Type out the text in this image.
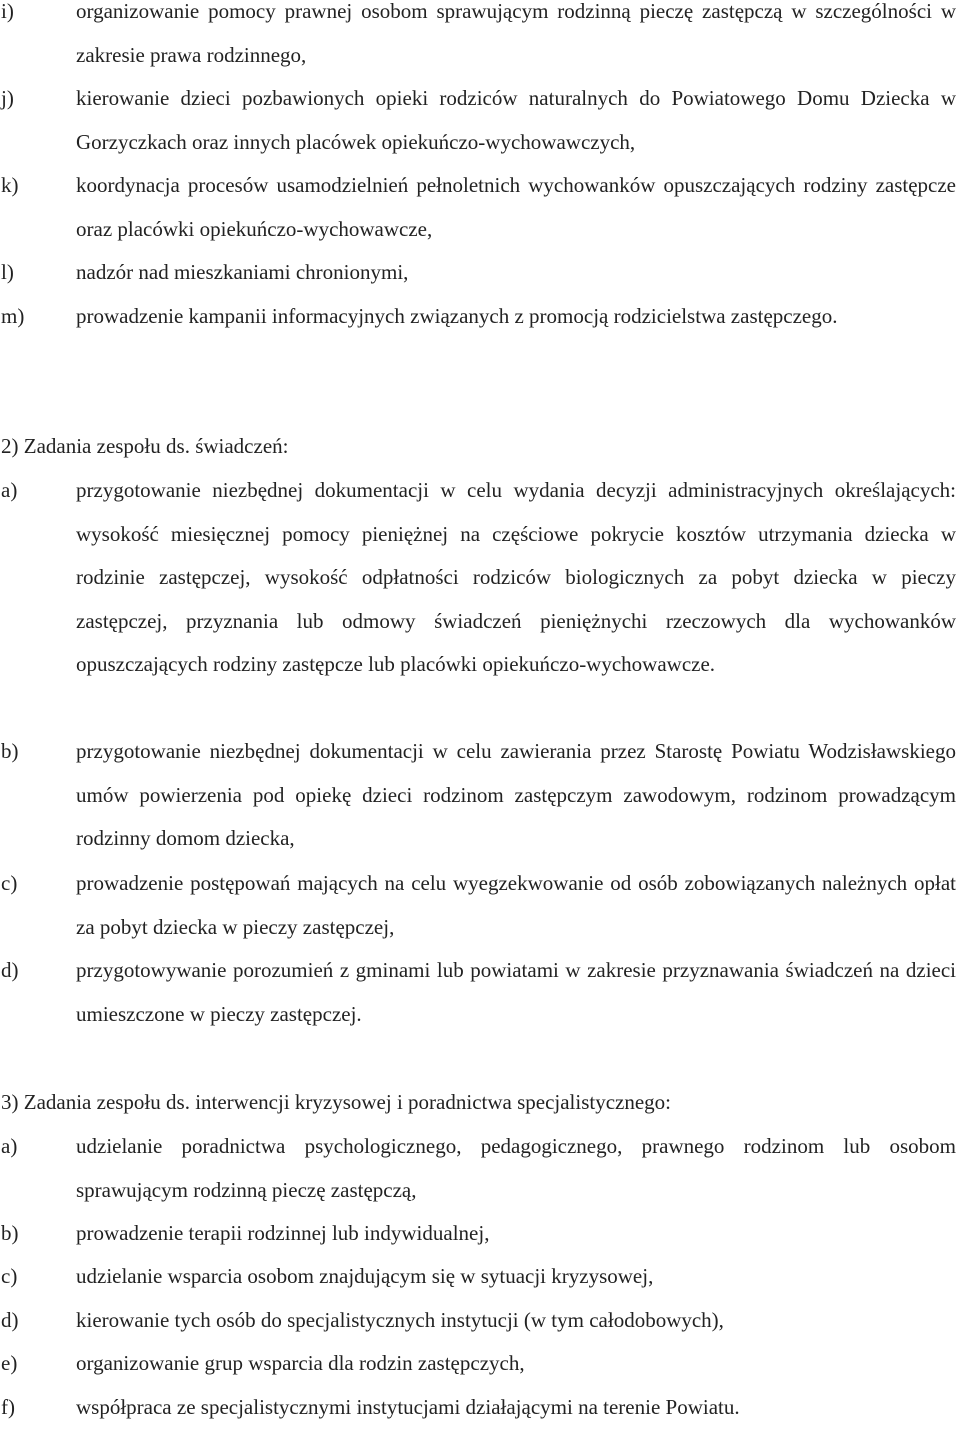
i)	organizowanie pomocy prawnej osobom sprawującym rodzinną pieczę zastępczą w szczególności w zakresie prawa rodzinnego,
j)	kierowanie dzieci pozbawionych opieki rodziców naturalnych do Powiatowego Domu Dziecka w Gorzyczkach oraz innych placówek opiekuńczo-wychowawczych,
k)	koordynacja procesów usamodzielnień pełnoletnich wychowanków opuszczających rodziny zastępcze oraz placówki opiekuńczo-wychowawcze,
l)	nadzór nad mieszkaniami chronionymi,
m)	prowadzenie kampanii informacyjnych związanych z promocją rodzicielstwa zastępczego.
2) Zadania zespołu ds. świadczeń:
a)	przygotowanie niezbędnej dokumentacji w celu wydania decyzji administracyjnych określających: wysokość miesięcznej pomocy pieniężnej na częściowe pokrycie kosztów utrzymania dziecka w rodzinie zastępczej, wysokość odpłatności rodziców biologicznych za pobyt dziecka w pieczy zastępczej, przyznania lub odmowy świadczeń pieniężnychi rzeczowych dla wychowanków opuszczających rodziny zastępcze lub placówki opiekuńczo-wychowawcze.
b)	przygotowanie niezbędnej dokumentacji w celu zawierania przez Starostę Powiatu Wodzisławskiego umów powierzenia pod opiekę dzieci rodzinom zastępczym zawodowym, rodzinom prowadzącym rodzinny domom dziecka,
c)	prowadzenie postępowań mających na celu wyegzekwowanie od osób zobowiązanych należnych opłat za pobyt dziecka w pieczy zastępczej,
d)	przygotowywanie porozumień z gminami lub powiatami w zakresie przyznawania świadczeń na dzieci umieszczone w pieczy zastępczej.
3) Zadania zespołu ds. interwencji kryzysowej i poradnictwa specjalistycznego:
a)	udzielanie poradnictwa psychologicznego, pedagogicznego, prawnego rodzinom lub osobom sprawującym rodzinną pieczę zastępczą,
b)	prowadzenie terapii rodzinnej lub indywidualnej,
c)	udzielanie wsparcia osobom znajdującym się w sytuacji kryzysowej,
d)	kierowanie tych osób do specjalistycznych instytucji (w tym całodobowych),
e)	organizowanie grup wsparcia dla rodzin zastępczych,
f)	współpraca ze specjalistycznymi instytucjami działającymi na terenie Powiatu.
